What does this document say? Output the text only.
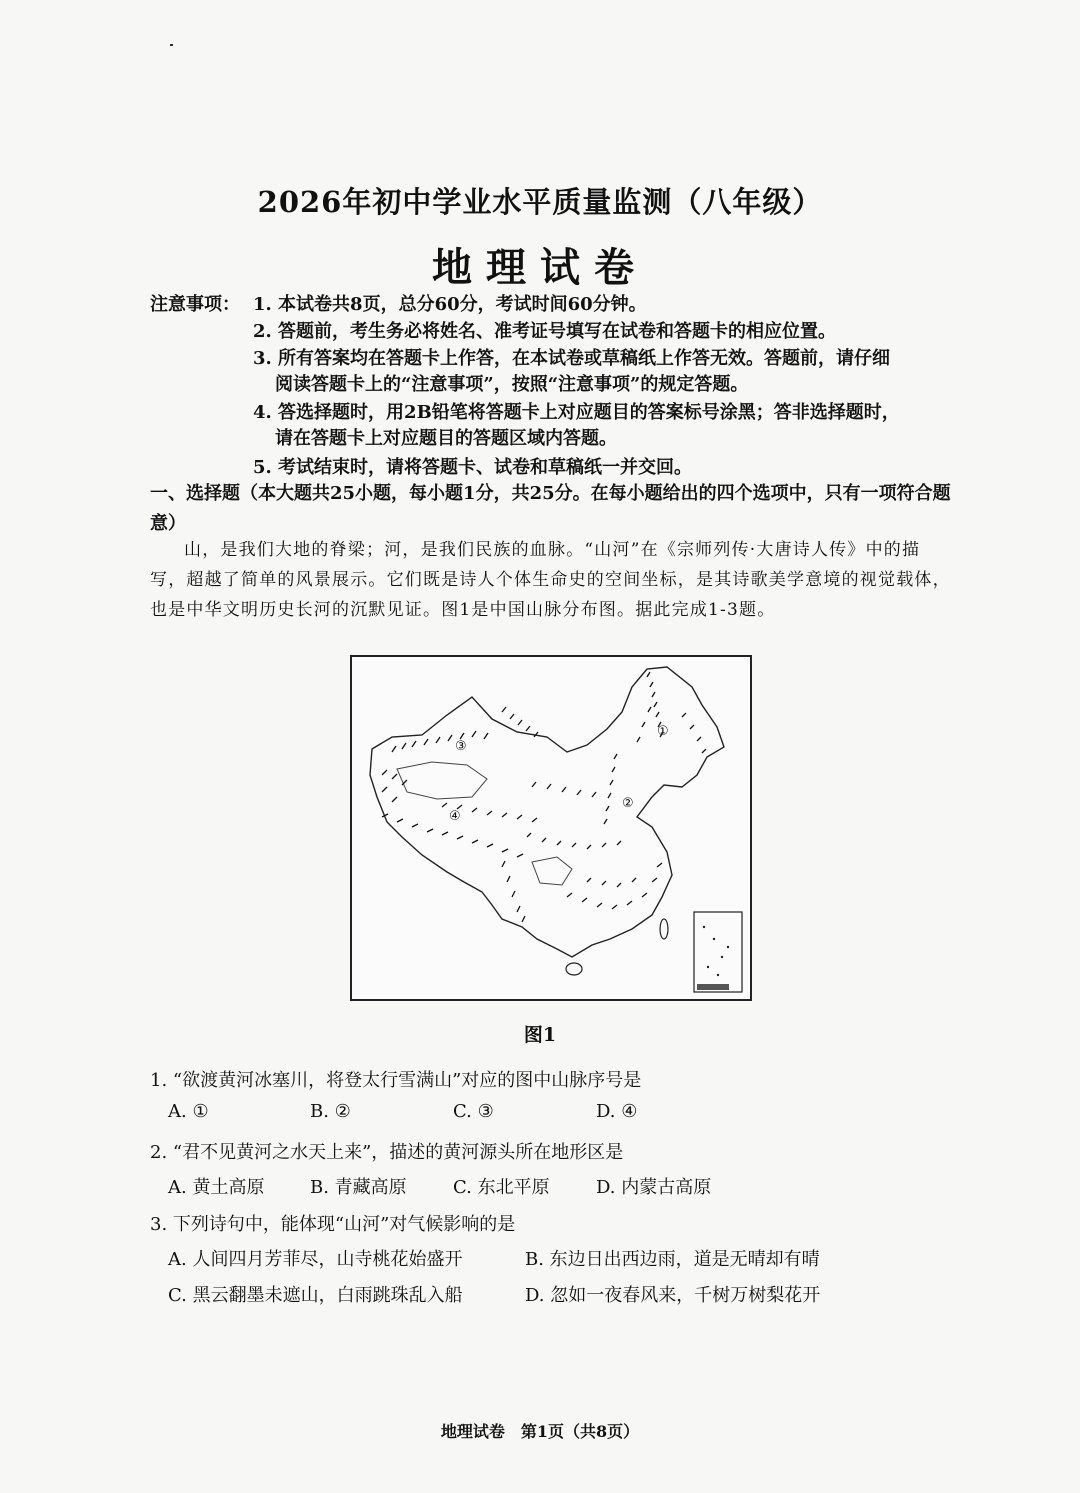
2026年初中学业水平质量监测（八年级）
地理试卷
注意事项： 1. 本试卷共8页，总分60分，考试时间60分钟。
2. 答题前，考生务必将姓名、准考证号填写在试卷和答题卡的相应位置。
3. 所有答案均在答题卡上作答，在本试卷或草稿纸上作答无效。答题前，请仔细
阅读答题卡上的“注意事项”，按照“注意事项”的规定答题。
4. 答选择题时，用2B铅笔将答题卡上对应题目的答案标号涂黑；答非选择题时，
请在答题卡上对应题目的答题区域内答题。
5. 考试结束时，请将答题卡、试卷和草稿纸一并交回。
一、选择题（本大题共25小题，每小题1分，共25分。在每小题给出的四个选项中，只有一项符合题意）
山，是我们大地的脊梁；河，是我们民族的血脉。“山河”在《宗师列传·大唐诗人传》中的描写，超越了简单的风景展示。它们既是诗人个体生命史的空间坐标，是其诗歌美学意境的视觉载体，也是中华文明历史长河的沉默见证。图1是中国山脉分布图。据此完成1-3题。
①
②
③
④
图1
1. “欲渡黄河冰塞川，将登太行雪满山”对应的图中山脉序号是
A. ①	B. ②	C. ③	D. ④
2. “君不见黄河之水天上来”，描述的黄河源头所在地形区是
A. 黄土高原	B. 青藏高原	C. 东北平原	D. 内蒙古高原
3. 下列诗句中，能体现“山河”对气候影响的是
A. 人间四月芳菲尽，山寺桃花始盛开	B. 东边日出西边雨，道是无晴却有晴
C. 黑云翻墨未遮山，白雨跳珠乱入船	D. 忽如一夜春风来，千树万树梨花开
地理试卷　第1页（共8页）
